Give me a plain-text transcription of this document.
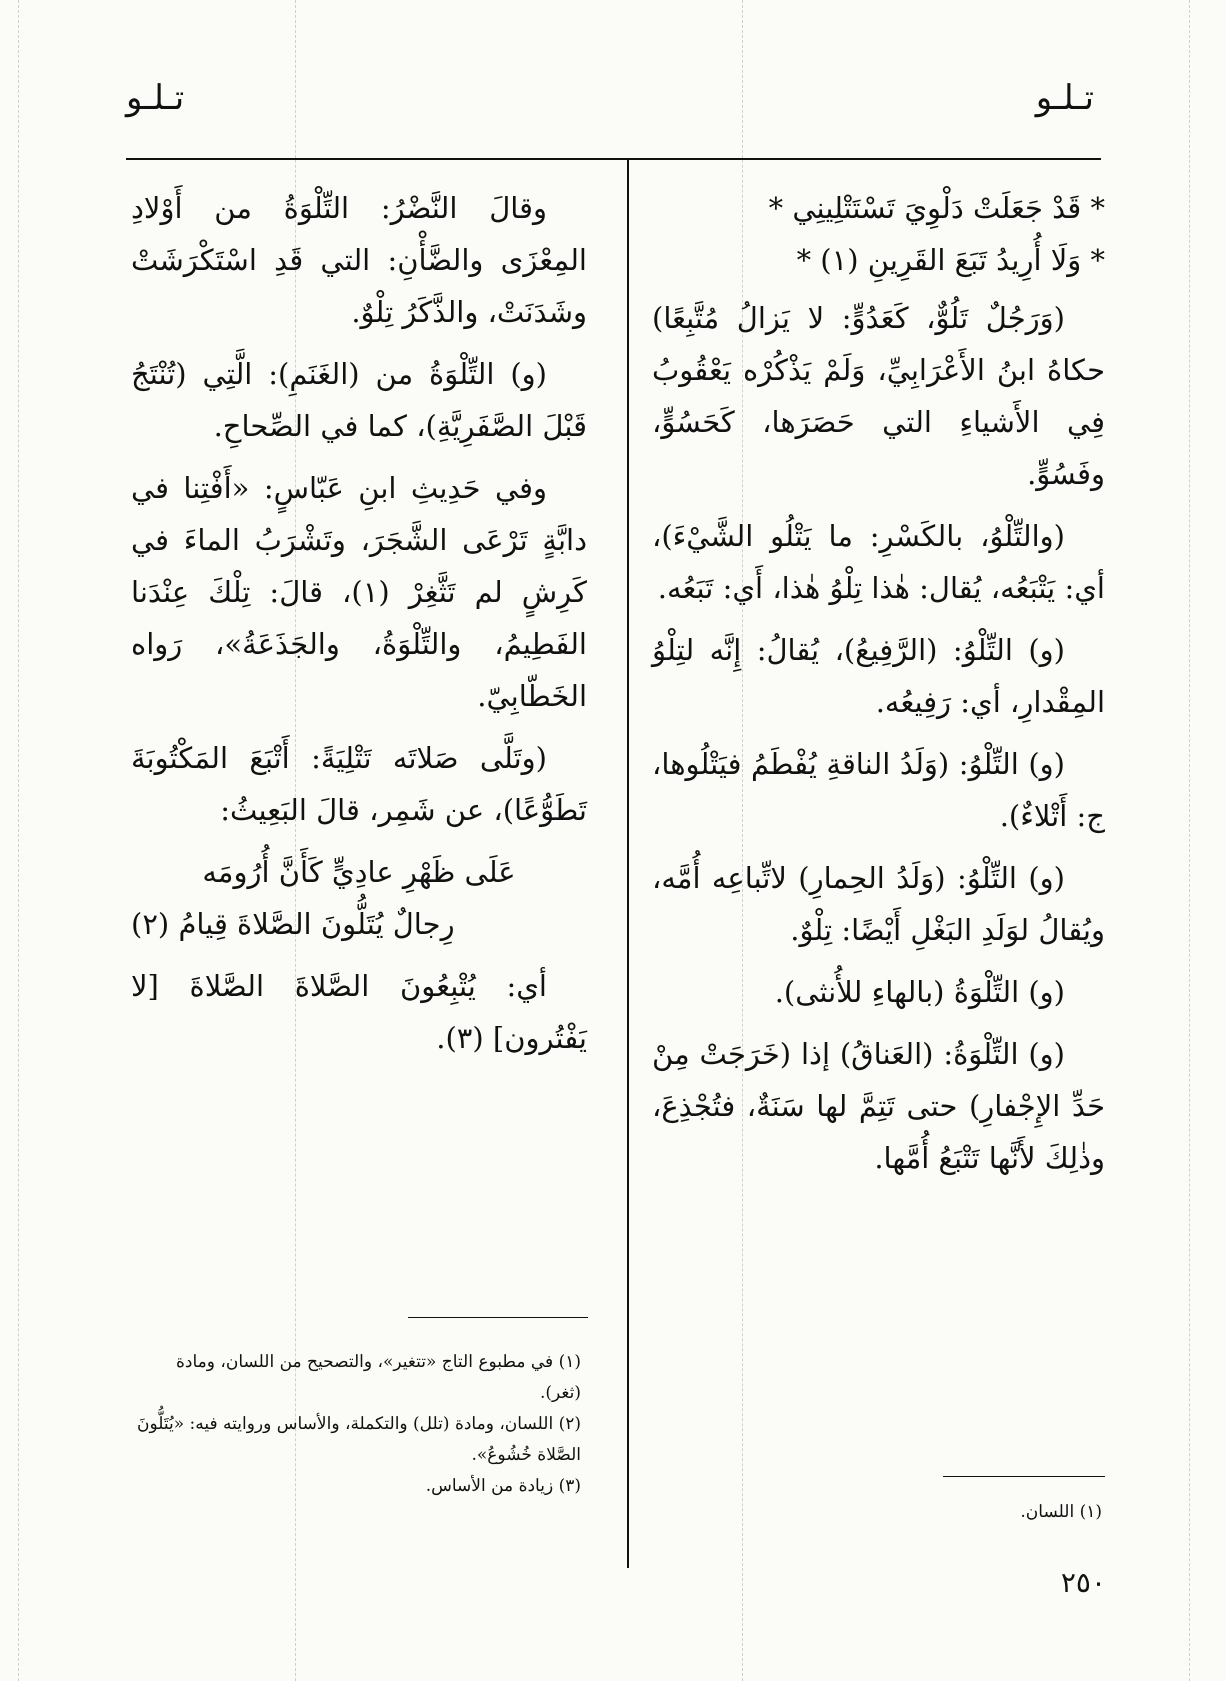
تـلـو
تـلـو

* قَدْ جَعَلَتْ دَلْوِيَ تَسْتَتْلِينِي *

* وَلَا أُرِيدُ تَبَعَ القَرِينِ (١) *

(وَرَجُلٌ تَلُوٌّ، كَعَدُوٍّ: لا يَزالُ مُتَّبِعًا) حكاهُ ابنُ الأَعْرَابِيِّ، وَلَمْ يَذْكُرْه يَعْقُوبُ فِي الأَشياءِ التي حَصَرَها، كَحَسُوٍّ، وفَسُوٍّ.

(والتِّلْوُ، بالكَسْرِ: ما يَتْلُو الشَّيْءَ)، أي: يَتْبَعُه، يُقال: هٰذا تِلْوُ هٰذا، أَي: تَبَعُه.

(و) التِّلْوُ: (الرَّفِيعُ)، يُقالُ: إِنَّه لتِلْوُ المِقْدارِ، أي: رَفِيعُه.

(و) التِّلْوُ: (وَلَدُ الناقةِ يُفْطَمُ فيَتْلُوها، ج: أَتْلاءٌ).

(و) التِّلْوُ: (وَلَدُ الحِمارِ) لاتِّباعِه أُمَّه، ويُقالُ لوَلَدِ البَغْلِ أَيْضًا: تِلْوٌ.

(و) التِّلْوَةُ (بالهاءِ للأُنثى).

(و) التِّلْوَةُ: (العَناقُ) إذا (خَرَجَتْ مِنْ حَدِّ الإِجْفارِ) حتى تَتِمَّ لها سَنَةٌ، فتُجْذِعَ، وذٰلِكَ لأَنَّها تَتْبَعُ أُمَّها.

(١) اللسان.

وقالَ النَّضْرُ: التِّلْوَةُ من أَوْلادِ المِعْزَى والضَّأْنِ: التي قَدِ اسْتَكْرَشَتْ وشَدَنَتْ، والذَّكَرُ تِلْوٌ.

(و) التِّلْوَةُ من (الغَنَمِ): الَّتِي (تُنْتَجُ قَبْلَ الصَّفَرِيَّةِ)، كما في الصِّحاحِ.

وفي حَدِيثِ ابنِ عَبّاسٍ: «أَفْتِنا في دابَّةٍ تَرْعَى الشَّجَرَ، وتَشْرَبُ الماءَ في كَرِشٍ لم تَثَّغِرْ (١)، قالَ: تِلْكَ عِنْدَنا الفَطِيمُ، والتِّلْوَةُ، والجَذَعَةُ»، رَواه الخَطّابِيّ.

(وتَلَّى صَلاتَه تَتْلِيَةً: أَتْبَعَ المَكْتُوبَةَ تَطَوُّعًا)، عن شَمِر، قالَ البَعِيثُ:

عَلَى ظَهْرِ عادِيٍّ كَأَنَّ أُرُومَه

رِجالٌ يُتَلُّونَ الصَّلاةَ قِيامُ (٢)

أي: يُتْبِعُونَ الصَّلاةَ الصَّلاةَ [لا يَفْتُرون] (٣).

(١) في مطبوع التاج «تتغير»، والتصحيح من اللسان، ومادة (ثغر).

(٢) اللسان، ومادة (تلل) والتكملة، والأساس وروايته فيه: «يُتَلُّونَ الصَّلاة خُشُوعُ».

(٣) زيادة من الأساس.

٢٥٠
